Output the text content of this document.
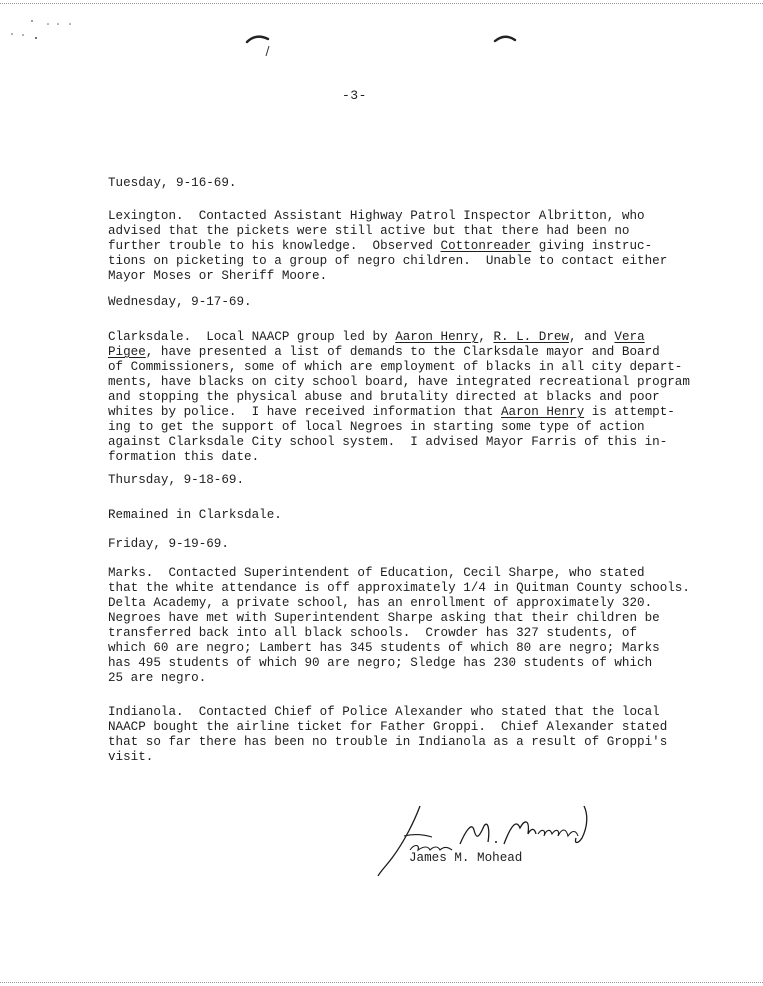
-3-
Tuesday, 9-16-69.
Lexington.  Contacted Assistant Highway Patrol Inspector Albritton, who
advised that the pickets were still active but that there had been no
further trouble to his knowledge.  Observed Cottonreader giving instruc-
tions on picketing to a group of negro children.  Unable to contact either
Mayor Moses or Sheriff Moore.
Wednesday, 9-17-69.
Clarksdale.  Local NAACP group led by Aaron Henry, R. L. Drew, and Vera
Pigee, have presented a list of demands to the Clarksdale mayor and Board
of Commissioners, some of which are employment of blacks in all city depart-
ments, have blacks on city school board, have integrated recreational program
and stopping the physical abuse and brutality directed at blacks and poor
whites by police.  I have received information that Aaron Henry is attempt-
ing to get the support of local Negroes in starting some type of action
against Clarksdale City school system.  I advised Mayor Farris of this in-
formation this date.
Thursday, 9-18-69.
Remained in Clarksdale.
Friday, 9-19-69.
Marks.  Contacted Superintendent of Education, Cecil Sharpe, who stated
that the white attendance is off approximately 1/4 in Quitman County schools.
Delta Academy, a private school, has an enrollment of approximately 320.
Negroes have met with Superintendent Sharpe asking that their children be
transferred back into all black schools.  Crowder has 327 students, of
which 60 are negro; Lambert has 345 students of which 80 are negro; Marks
has 495 students of which 90 are negro; Sledge has 230 students of which
25 are negro.
Indianola.  Contacted Chief of Police Alexander who stated that the local
NAACP bought the airline ticket for Father Groppi.  Chief Alexander stated
that so far there has been no trouble in Indianola as a result of Groppi's
visit.
James M. Mohead
